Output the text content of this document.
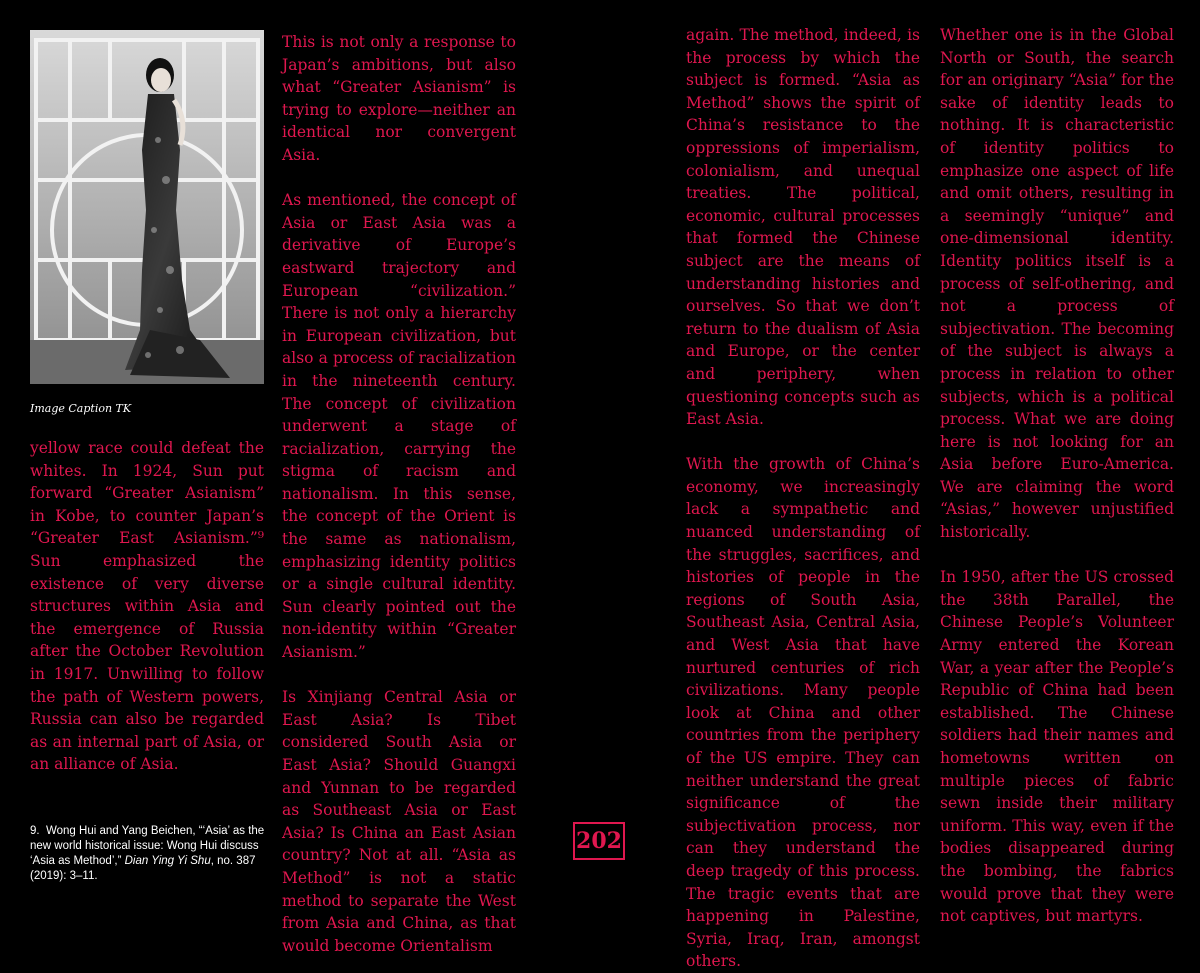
Image Caption TK

yellow race could defeat the whites. In 1924, Sun put forward “Greater Asianism” in Kobe, to counter Japan’s “Greater East Asianism.”⁹ Sun emphasized the existence of very diverse structures within Asia and the emergence of Russia after the October Revolution in 1917. Unwilling to follow the path of Western powers, Russia can also be regarded as an internal part of Asia, or an alliance of Asia.

9. Wong Hui and Yang Beichen, “‘Asia’ as the new world historical issue: Wong Hui discuss ‘Asia as Method’,” Dian Ying Yi Shu, no. 387 (2019): 3–11.

This is not only a response to Japan’s ambitions, but also what “Greater Asianism” is trying to explore—neither an identical nor convergent Asia.

As mentioned, the concept of Asia or East Asia was a derivative of Europe’s eastward trajectory and European “civilization.” There is not only a hierarchy in European civilization, but also a process of racialization in the nineteenth century. The concept of civilization underwent a stage of racialization, carrying the stigma of racism and nationalism. In this sense, the concept of the Orient is the same as nationalism, emphasizing identity politics or a single cultural identity. Sun clearly pointed out the non-identity within “Greater Asianism.”

Is Xinjiang Central Asia or East Asia? Is Tibet considered South Asia or East Asia? Should Guangxi and Yunnan to be regarded as Southeast Asia or East Asia? Is China an East Asian country? Not at all. “Asia as Method” is not a static method to separate the West from Asia and China, as that would become Orientalism

202

again. The method, indeed, is the process by which the subject is formed. “Asia as Method” shows the spirit of China’s resistance to the oppressions of imperialism, colonialism, and unequal treaties. The political, economic, cultural processes that formed the Chinese subject are the means of understanding histories and ourselves. So that we don’t return to the dualism of Asia and Europe, or the center and periphery, when questioning concepts such as East Asia.

With the growth of China’s economy, we increasingly lack a sympathetic and nuanced understanding of the struggles, sacrifices, and histories of people in the regions of South Asia, Southeast Asia, Central Asia, and West Asia that have nurtured centuries of rich civilizations. Many people look at China and other countries from the periphery of the US empire. They can neither understand the great significance of the subjectivation process, nor can they understand the deep tragedy of this process. The tragic events that are happening in Palestine, Syria, Iraq, Iran, amongst others.

Whether one is in the Global North or South, the search for an originary “Asia” for the sake of identity leads to nothing. It is characteristic of identity politics to emphasize one aspect of life and omit others, resulting in a seemingly “unique” and one-dimensional identity. Identity politics itself is a process of self-othering, and not a process of subjectivation. The becoming of the subject is always a process in relation to other subjects, which is a political process. What we are doing here is not looking for an Asia before Euro-America. We are claiming the word “Asias,” however unjustified historically.

In 1950, after the US crossed the 38th Parallel, the Chinese People’s Volunteer Army entered the Korean War, a year after the People’s Republic of China had been established. The Chinese soldiers had their names and hometowns written on multiple pieces of fabric sewn inside their military uniform. This way, even if the bodies disappeared during the bombing, the fabrics would prove that they were not captives, but martyrs.
